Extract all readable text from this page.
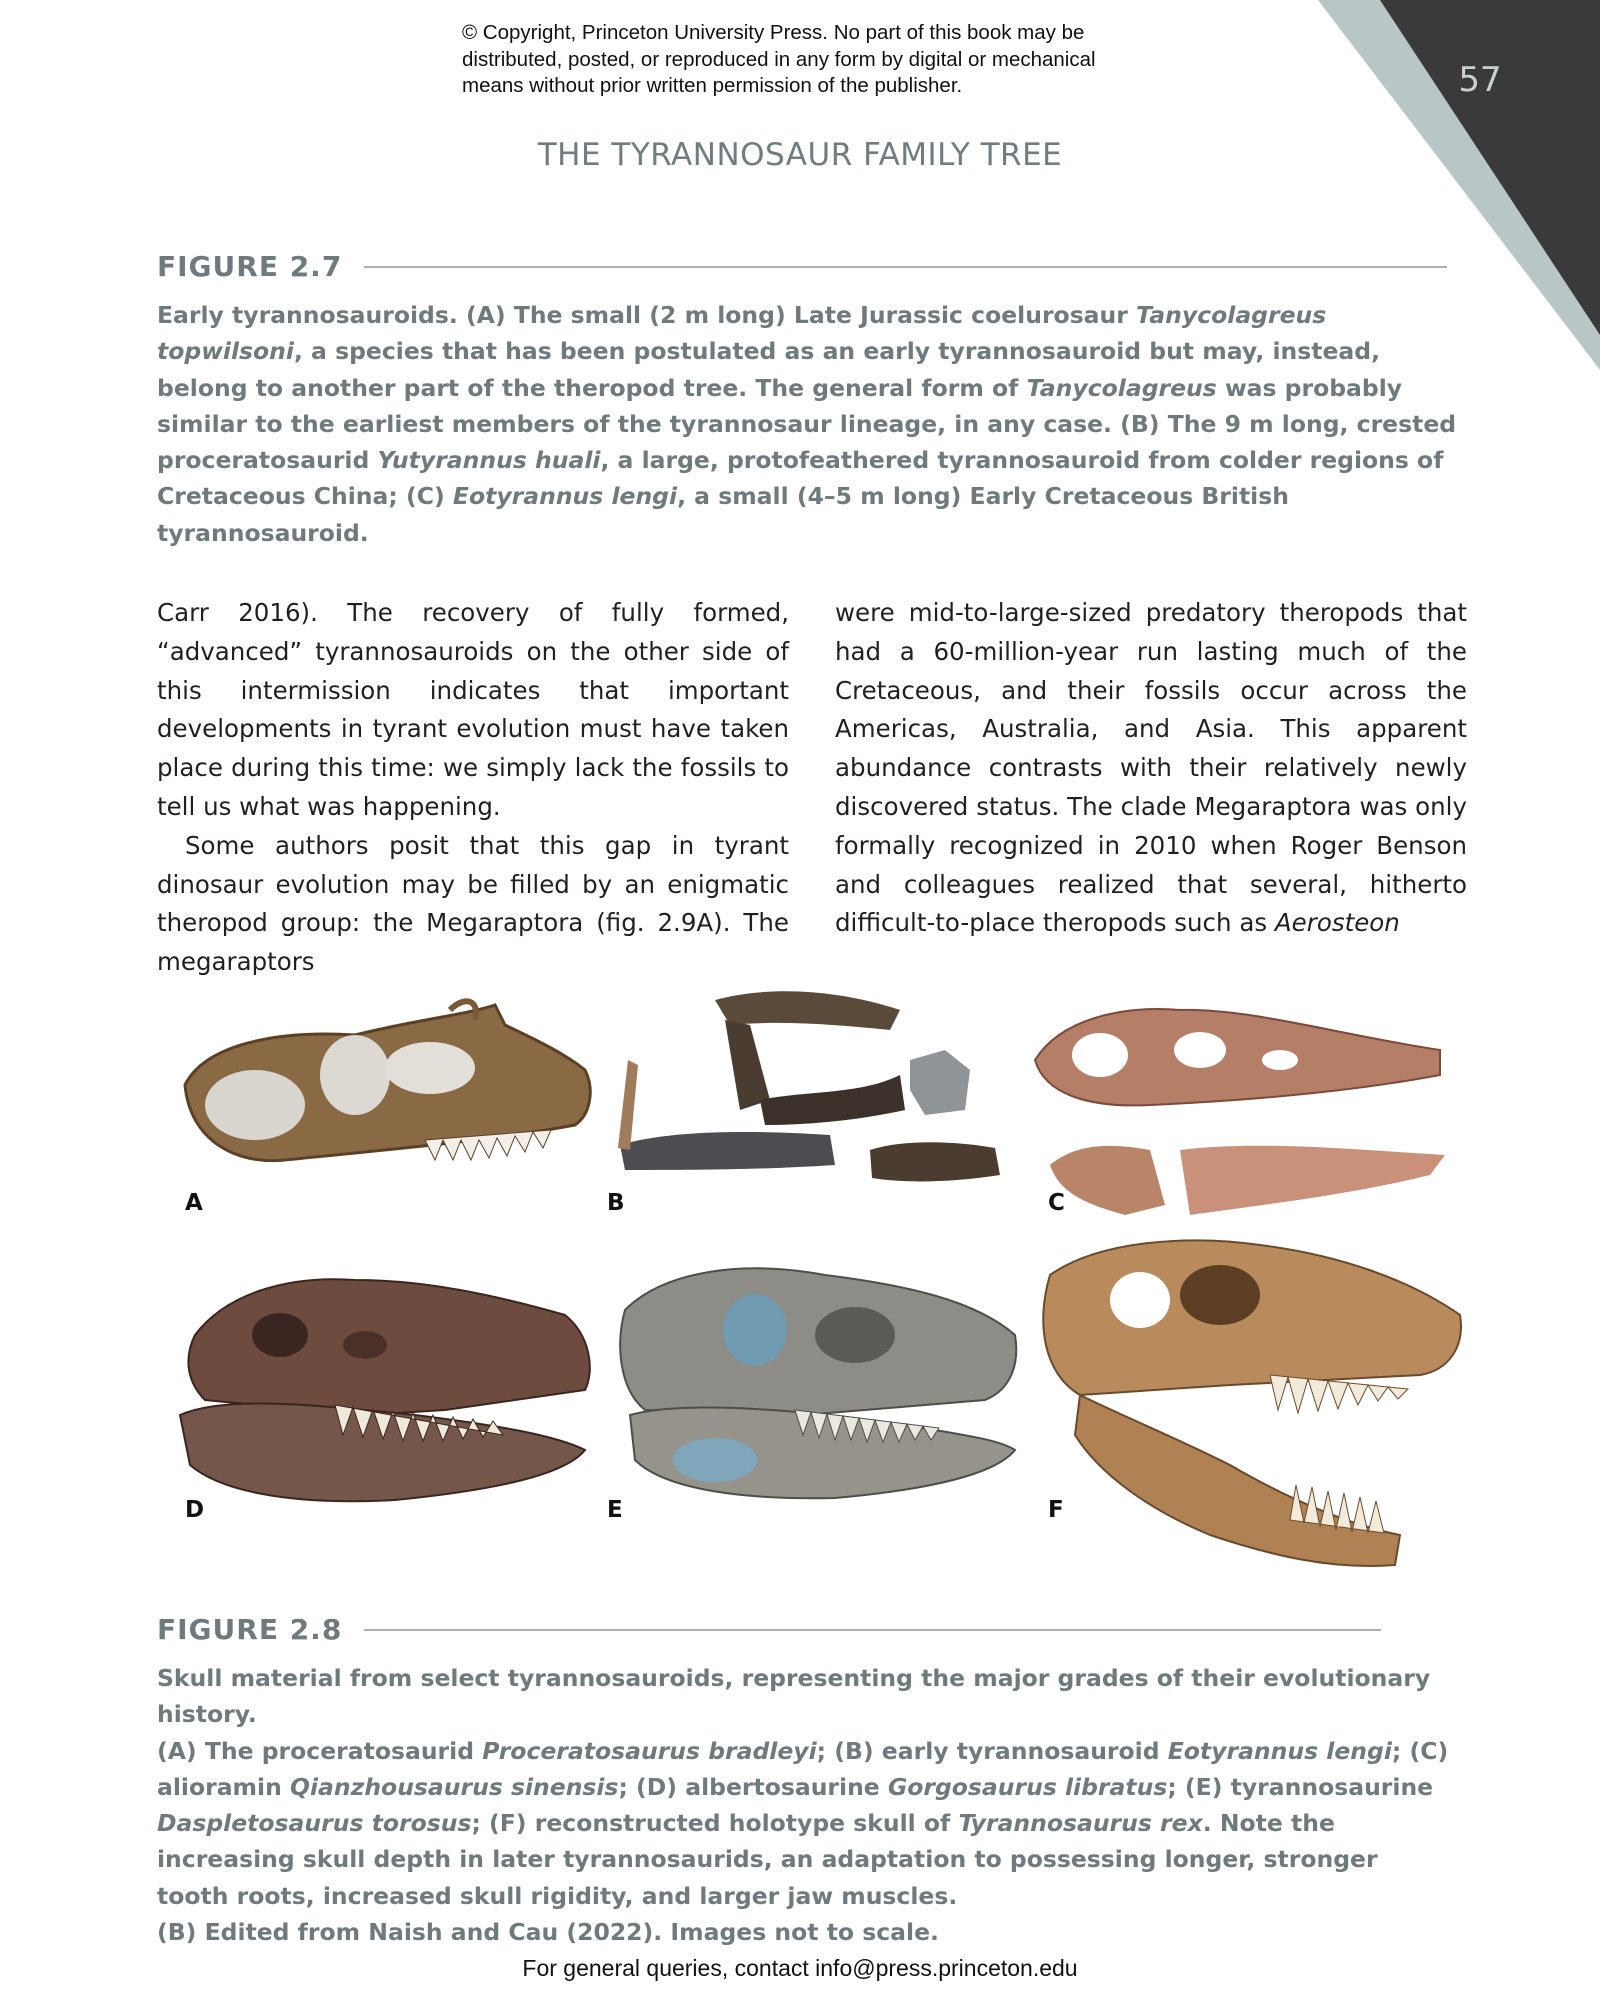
© Copyright, Princeton University Press. No part of this book may be
distributed, posted, or reproduced in any form by digital or mechanical
means without prior written permission of the publisher.	57
THE TYRANNOSAUR FAMILY TREE
FIGURE 2.7

Early tyrannosauroids. (A) The small (2 m long) Late Jurassic coelurosaur Tanycolagreus topwilsoni, a species that has been postulated as an early tyrannosauroid but may, instead, belong to another part of the theropod tree. The general form of Tanycolagreus was probably similar to the earliest members of the tyrannosaur lineage, in any case. (B) The 9 m long, crested proceratosaurid Yutyrannus huali, a large, protofeathered tyrannosauroid from colder regions of Cretaceous China; (C) Eotyrannus lengi, a small (4–5 m long) Early Cretaceous British tyrannosauroid.

Carr 2016). The recovery of fully formed, “advanced” tyrannosauroids on the other side of this intermission indicates that important developments in tyrant evolution must have taken place during this time: we simply lack the fossils to tell us what was happening.

Some authors posit that this gap in tyrant dinosaur evolution may be filled by an enigmatic theropod group: the Megaraptora (fig. 2.9A). The megaraptors

were mid-to-large-sized predatory theropods that had a 60-million-year run lasting much of the Cretaceous, and their fossils occur across the Americas, Australia, and Asia. This apparent abundance contrasts with their relatively newly discovered status. The clade Megaraptora was only formally recognized in 2010 when Roger Benson and colleagues realized that several, hitherto difficult-to-place theropods such as Aerosteon

A	B	C
D	E	F
FIGURE 2.8

Skull material from select tyrannosauroids, representing the major grades of their evolutionary history.

(A) The proceratosaurid Proceratosaurus bradleyi; (B) early tyrannosauroid Eotyrannus lengi; (C) alioramin Qianzhousaurus sinensis; (D) albertosaurine Gorgosaurus libratus; (E) tyrannosaurine Daspletosaurus torosus; (F) reconstructed holotype skull of Tyrannosaurus rex. Note the increasing skull depth in later tyrannosaurids, an adaptation to possessing longer, stronger tooth roots, increased skull rigidity, and larger jaw muscles.

(B) Edited from Naish and Cau (2022). Images not to scale.

For general queries, contact info@press.princeton.edu
